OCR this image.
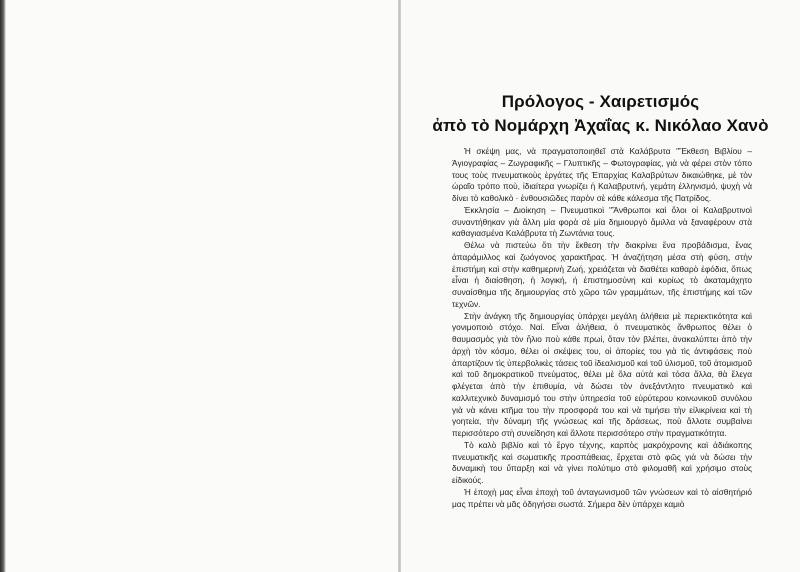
Πρόλογος - Χαιρετισμός
ἀπὸ τὸ Νομάρχη Ἀχαΐας κ. Νικόλαο Χανὸ

Ἡ σκέψη μας, νὰ πραγματοποιηθεῖ στὰ Καλάβρυτα "Ἔκθεση Βιβλίου – Ἁγιογραφίας – Ζωγραφικῆς – Γλυπτικῆς – Φωτογραφίας, γιὰ νὰ φέρει στὸν τόπο τους τοὺς πνευματικοὺς ἐργάτες τῆς Ἐπαρχίας Καλαβρύτων δικαιώθηκε, μὲ τὸν ὡραῖο τρόπο ποὺ, ἰδιαίτερα γνωρίζει ἡ Καλαβρυτινή, γεμάτη ἑλληνισμό, ψυχὴ νὰ δίνει τὸ καθολικὸ · ἐνθουσιῶδες παρὸν σὲ κάθε κάλεσμα τῆς Πατρίδος.

Ἐκκλησία – Διοίκηση – Πνευματικοὶ "Ἄνθρωποι καὶ ὅλοι οἱ Καλαβρυτινοὶ συναντήθηκαν γιὰ ἄλλη μία φορὰ σὲ μία δημιουργὸ ἅμιλλα νὰ ξαναφέρουν στὰ καθαγιασμένα Καλάβρυτα τὴ Ζωντάνια τους.

Θέλω νὰ πιστεύω ὅτι τὴν ἔκθεση τὴν διακρίνει ἕνα προβάδισμα, ἕνας ἀπαράμιλλος καὶ ζωόγονος χαρακτῆρας. Ἡ ἀναζήτηση μέσα στὴ φύση, στὴν ἐπιστήμη καὶ στὴν καθημερινὴ Ζωή, χρειάζεται νὰ διαθέτει καθαρὸ ἐφόδια, ὅπως εἶναι ἡ διαίσθηση, ἡ λογική, ἡ ἐπιστημοσύνη καὶ κυρίως τὸ ἀκαταμάχητο συναίσθημα τῆς δημιουργίας στὸ χῶρο τῶν γραμμάτων, τῆς ἐπιστήμης καὶ τῶν τεχνῶν.

Στὴν ἀνάγκη τῆς δημιουργίας ὑπάρχει μεγάλη ἀλήθεια μὲ περιεκτικότητα καὶ γονιμοποιὸ στόχο. Ναί. Εἶναι ἀλήθεια, ὁ πνευματικὸς ἄνθρωπος θέλει ὁ θαυμασμὸς γιὰ τὸν ἥλιο ποὺ κάθε πρωί, ὅταν τὸν βλέπει, ἀνακαλύπτει ἀπὸ τὴν ἀρχὴ τὸν κόσμο, θέλει οἱ σκέψεις του, οἱ ἀπορίες του γιὰ τὶς ἀντιφάσεις ποὺ ἀπαρτίζουν τὶς ὑπερβολικὲς τάσεις τοῦ ἰδεαλισμοῦ καὶ τοῦ ὑλισμοῦ, τοῦ ἀτομισμοῦ καὶ τοῦ δημοκρατικοῦ πνεύματος, θέλει μὲ ὅλα αὐτὰ καὶ τόσα ἄλλα, θὰ ἔλεγα φλέγεται ἀπὸ τὴν ἐπιθυμία, νὰ δώσει τὸν ἀνεξάντλητο πνευματικὸ καὶ καλλιτεχνικὸ δυναμισμό του στὴν ὑπηρεσία τοῦ εὐρύτερου κοινωνικοῦ συνόλου γιὰ νὰ κάνει κτῆμα του τὴν προσφορά του καὶ νὰ τιμήσει τὴν εἰλικρίνεια καὶ τὴ γοητεία, τὴν δύναμη τῆς γνώσεως καὶ τῆς δράσεως, ποὺ ἄλλοτε συμβαίνει περισσότερο στὴ συνείδηση καὶ ἄλλοτε περισσότερο στὴν πραγματικότητα.

Τὸ καλὸ βιβλίο καὶ τὸ ἔργο τέχνης, καρπὸς μακρόχρονης καὶ ἀδιάκοπης πνευματικῆς καὶ σωματικῆς προσπάθειας, ἔρχεται στὸ φῶς γιὰ νὰ δώσει τὴν δυναμικὴ του ὕπαρξη καὶ νὰ γίνει πολύτιμο στὸ φιλομαθῆ καὶ χρήσιμο στοὺς εἰδικούς.

Ἡ ἐποχὴ μας εἶναι ἐποχὴ τοῦ ἀνταγωνισμοῦ τῶν γνώσεων καὶ τὸ αἰσθητήριό μας πρέπει νὰ μᾶς ὁδηγήσει σωστά. Σήμερα δὲν ὑπάρχει καμιὸ
